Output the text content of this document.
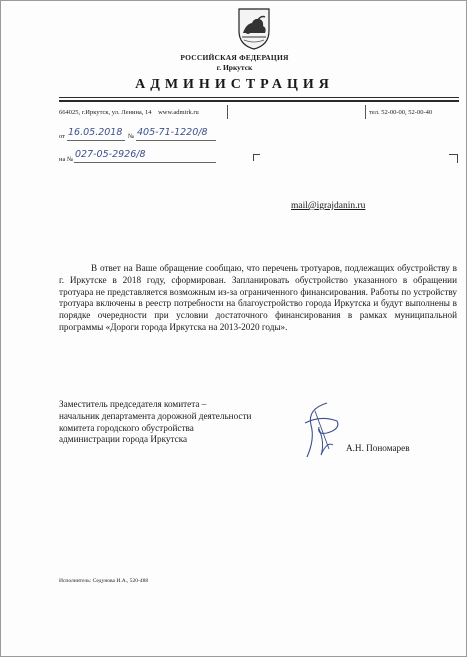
РОССИЙСКАЯ ФЕДЕРАЦИЯ
г. Иркутск
АДМИНИСТРАЦИЯ
664025, г.Иркутск, ул. Ленина, 14 www.admirk.ru	тел. 52-00-00, 52-00-40
от 16.05.2018 № 405-71-1220/8
на № 027-05-2926/8
mail@igrajdanin.ru

В ответ на Ваше обращение сообщаю, что перечень тротуаров, подлежащих обустройству в г. Иркутске в 2018 году, сформирован. Запланировать обустройство указанного в обращении тротуара не представляется возможным из-за ограниченного финансирования. Работы по устройству тротуара включены в реестр потребности на благоустройство города Иркутска и будут выполнены в порядке очередности при условии достаточного финансирования в рамках муниципальной программы «Дороги города Иркутска на 2013-2020 годы».

Заместитель председателя комитета –
начальник департамента дорожной деятельности
комитета городского обустройства
администрации города Иркутска
А.Н. Пономарев
Исполнитель: Седунова И.А., 520-488
